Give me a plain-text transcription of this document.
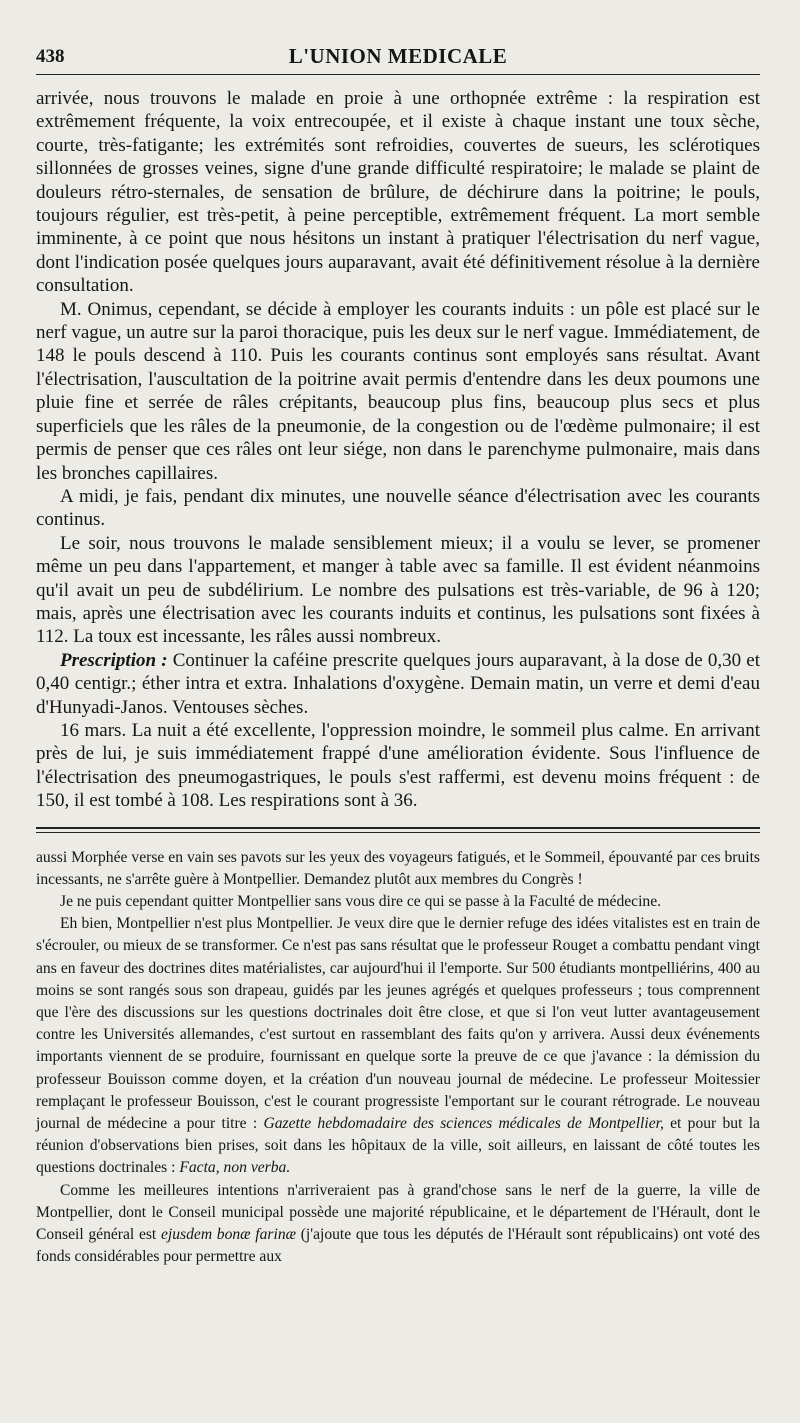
438	L'UNION MEDICALE

arrivée, nous trouvons le malade en proie à une orthopnée extrême : la respiration est extrêmement fréquente, la voix entrecoupée, et il existe à chaque instant une toux sèche, courte, très-fatigante; les extrémités sont refroidies, couvertes de sueurs, les sclérotiques sillonnées de grosses veines, signe d'une grande difficulté respiratoire; le malade se plaint de douleurs rétro-sternales, de sensation de brûlure, de déchirure dans la poitrine; le pouls, toujours régulier, est très-petit, à peine perceptible, extrêmement fréquent. La mort semble imminente, à ce point que nous hésitons un instant à pratiquer l'électrisation du nerf vague, dont l'indication posée quelques jours auparavant, avait été définitivement résolue à la dernière consultation.

M. Onimus, cependant, se décide à employer les courants induits : un pôle est placé sur le nerf vague, un autre sur la paroi thoracique, puis les deux sur le nerf vague. Immédiatement, de 148 le pouls descend à 110. Puis les courants continus sont employés sans résultat. Avant l'électrisation, l'auscultation de la poitrine avait permis d'entendre dans les deux poumons une pluie fine et serrée de râles crépitants, beaucoup plus fins, beaucoup plus secs et plus superficiels que les râles de la pneumonie, de la congestion ou de l'œdème pulmonaire; il est permis de penser que ces râles ont leur siége, non dans le parenchyme pulmonaire, mais dans les bronches capillaires.

A midi, je fais, pendant dix minutes, une nouvelle séance d'électrisation avec les courants continus.

Le soir, nous trouvons le malade sensiblement mieux; il a voulu se lever, se promener même un peu dans l'appartement, et manger à table avec sa famille. Il est évident néanmoins qu'il avait un peu de subdélirium. Le nombre des pulsations est très-variable, de 96 à 120; mais, après une électrisation avec les courants induits et continus, les pulsations sont fixées à 112. La toux est incessante, les râles aussi nombreux.

Prescription : Continuer la caféine prescrite quelques jours auparavant, à la dose de 0,30 et 0,40 centigr.; éther intra et extra. Inhalations d'oxygène. Demain matin, un verre et demi d'eau d'Hunyadi-Janos. Ventouses sèches.

16 mars. La nuit a été excellente, l'oppression moindre, le sommeil plus calme. En arrivant près de lui, je suis immédiatement frappé d'une amélioration évidente. Sous l'influence de l'électrisation des pneumogastriques, le pouls s'est raffermi, est devenu moins fréquent : de 150, il est tombé à 108. Les respirations sont à 36.

aussi Morphée verse en vain ses pavots sur les yeux des voyageurs fatigués, et le Sommeil, épouvanté par ces bruits incessants, ne s'arrête guère à Montpellier. Demandez plutôt aux membres du Congrès !

Je ne puis cependant quitter Montpellier sans vous dire ce qui se passe à la Faculté de médecine.

Eh bien, Montpellier n'est plus Montpellier. Je veux dire que le dernier refuge des idées vitalistes est en train de s'écrouler, ou mieux de se transformer. Ce n'est pas sans résultat que le professeur Rouget a combattu pendant vingt ans en faveur des doctrines dites matérialistes, car aujourd'hui il l'emporte. Sur 500 étudiants montpelliérins, 400 au moins se sont rangés sous son drapeau, guidés par les jeunes agrégés et quelques professeurs ; tous comprennent que l'ère des discussions sur les questions doctrinales doit être close, et que si l'on veut lutter avantageusement contre les Universités allemandes, c'est surtout en rassemblant des faits qu'on y arrivera. Aussi deux événements importants viennent de se produire, fournissant en quelque sorte la preuve de ce que j'avance : la démission du professeur Bouisson comme doyen, et la création d'un nouveau journal de médecine. Le professeur Moitessier remplaçant le professeur Bouisson, c'est le courant progressiste l'emportant sur le courant rétrograde. Le nouveau journal de médecine a pour titre : Gazette hebdomadaire des sciences médicales de Montpellier, et pour but la réunion d'observations bien prises, soit dans les hôpitaux de la ville, soit ailleurs, en laissant de côté toutes les questions doctrinales : Facta, non verba.

Comme les meilleures intentions n'arriveraient pas à grand'chose sans le nerf de la guerre, la ville de Montpellier, dont le Conseil municipal possède une majorité républicaine, et le département de l'Hérault, dont le Conseil général est ejusdem bonæ farinæ (j'ajoute que tous les députés de l'Hérault sont républicains) ont voté des fonds considérables pour permettre aux
